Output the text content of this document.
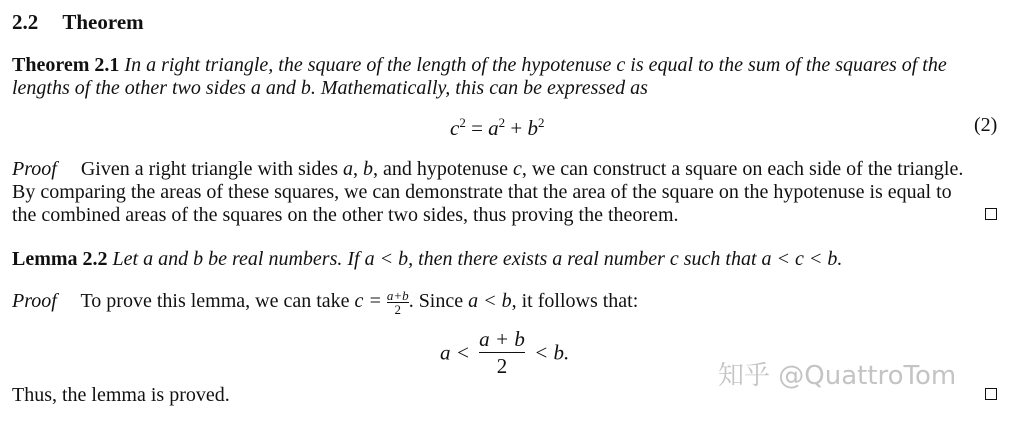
2.2 Theorem
Theorem 2.1 In a right triangle, the square of the length of the hypotenuse c is equal to the sum of the squares of the
lengths of the other two sides a and b. Mathematically, this can be expressed as
$c^2 = a^2 + b^2$	(2)
Proof Given a right triangle with sides a, b, and hypotenuse c, we can construct a square on each side of the triangle.
By comparing the areas of these squares, we can demonstrate that the area of the square on the hypotenuse is equal to
the combined areas of the squares on the other two sides, thus proving the theorem.
Lemma 2.2 Let a and b be real numbers. If a < b, then there exists a real number c such that a < c < b.
Proof To prove this lemma, we can take $c = \frac{a+b}{2}$ . Since a < b, it follows that:
$a < \frac{a + b}{2} < b$.
Thus, the lemma is proved.
知乎 @QuattroTom
